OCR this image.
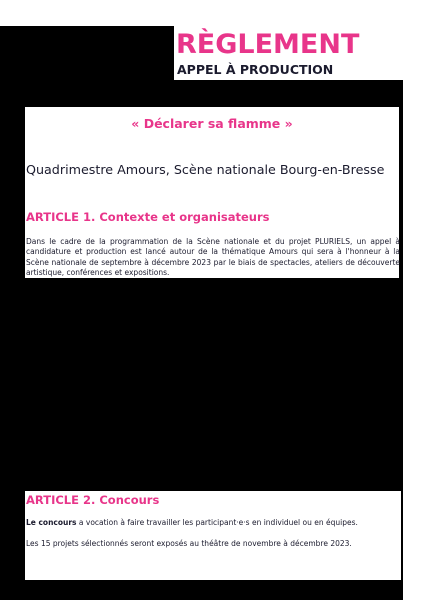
RÈGLEMENT
APPEL À PRODUCTION
« Déclarer sa flamme »
Quadrimestre Amours, Scène nationale Bourg-en-Bresse
ARTICLE 1. Contexte et organisateurs
Dans le cadre de la programmation de la Scène nationale et du projet PLURIELS, un appel à candidature et production est lancé autour de la thématique Amours qui sera à l'honneur à la Scène nationale de septembre à décembre 2023 par le biais de spectacles, ateliers de découverte artistique, conférences et expositions.
ARTICLE 2. Concours
Le concours a vocation à faire travailler les participant·e·s en individuel ou en équipes.
Les 15 projets sélectionnés seront exposés au théâtre de novembre à décembre 2023.
